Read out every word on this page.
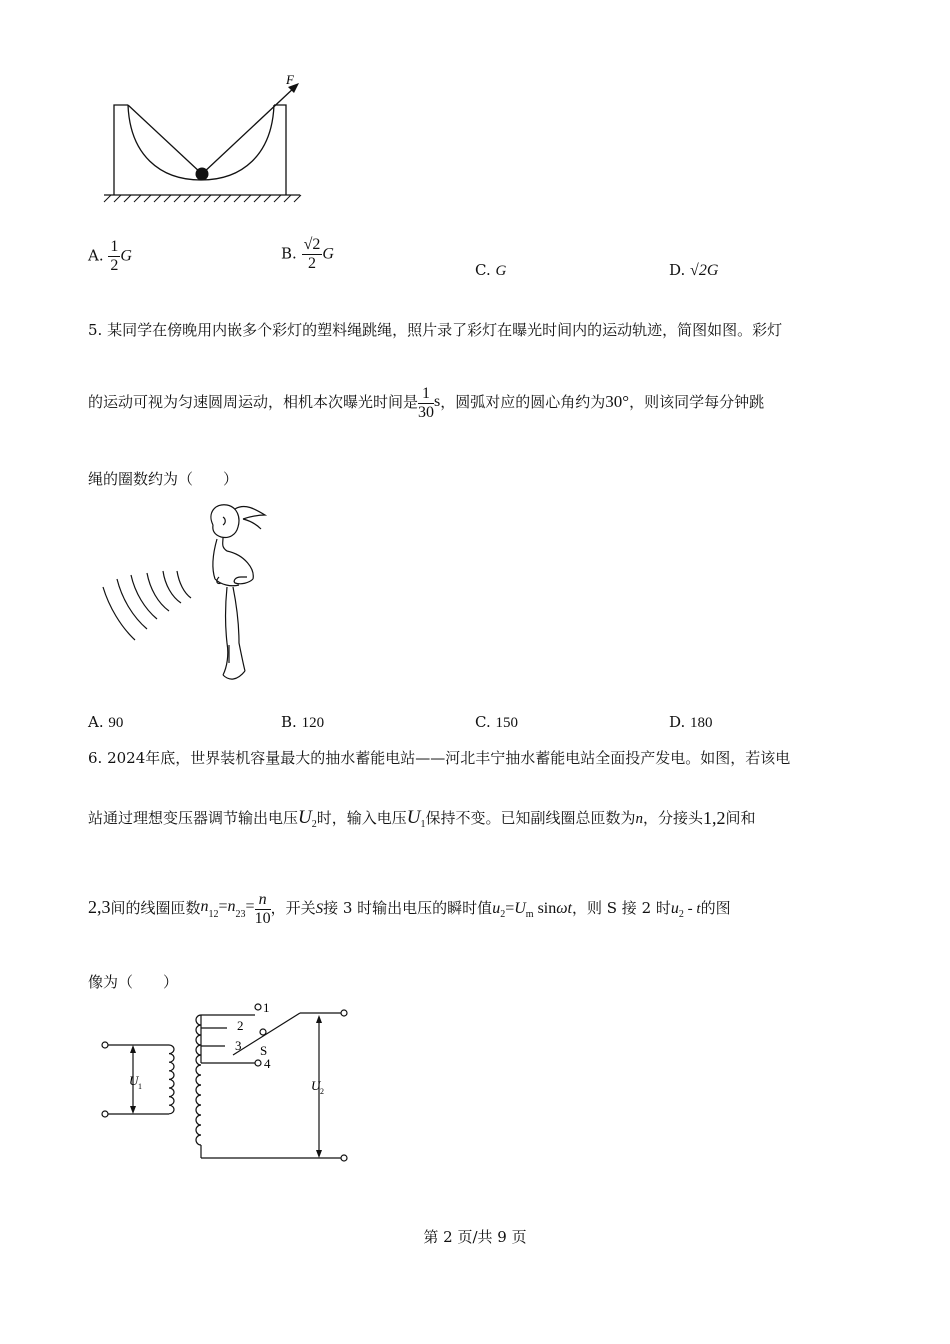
F
A. $\frac{1}{2}$ G	B. $\frac{√2}{2}$ G
C. G	D. √2G
5. 某同学在傍晚用内嵌多个彩灯的塑料绳跳绳，照片录了彩灯在曝光时间内的运动轨迹，简图如图。彩灯
的运动可视为匀速圆周运动，相机本次曝光时间是 $\frac{1}{30}$ s，圆弧对应的圆心角约为30°，则该同学每分钟跳
绳的圈数约为（　　）
A. 90	B. 120	C. 150	D. 180
6. 2024年底，世界装机容量最大的抽水蓄能电站——河北丰宁抽水蓄能电站全面投产发电。如图，若该电
站通过理想变压器调节输出电压$U_2$时，输入电压$U_1$保持不变。已知副线圈总匝数为n，分接头1,2间和
2,3间的线圈匝数$n_{12}=n_{23}= \frac{n}{10}$ ，开关S接 3 时输出电压的瞬时值$u_2=U_m$ sinωt，则 S 接 2 时$u_2$ - t的图
像为（　　）
1
2
3
4
S
U 1	U 2
第 2 页/共 9 页
